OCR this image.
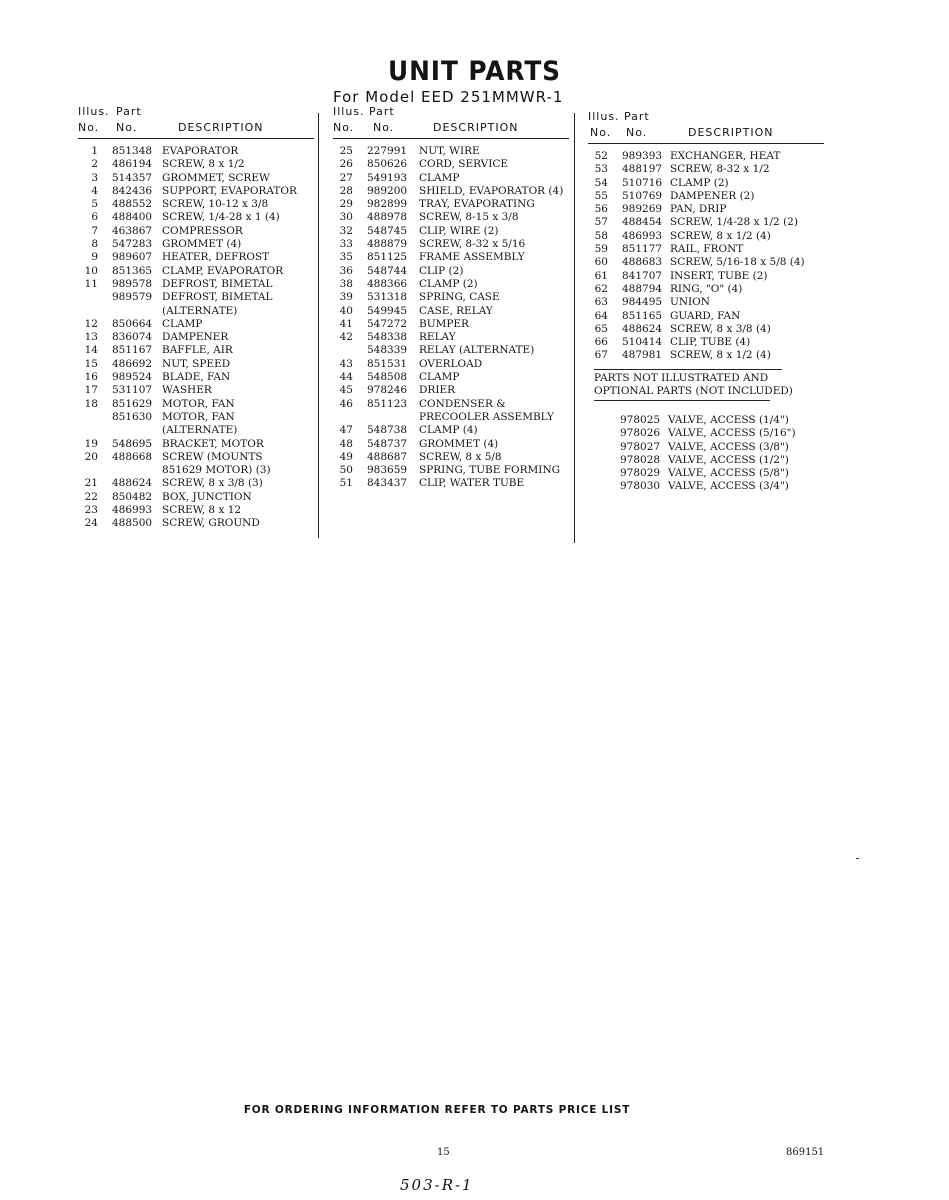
UNIT PARTS
For Model EED 251MMWR-1
Illus. Part
No. No.	DESCRIPTION
1 851348 EVAPORATOR
2 486194 SCREW, 8 x 1/2
3 514357 GROMMET, SCREW
4 842436 SUPPORT, EVAPORATOR
5 488552 SCREW, 10-12 x 3/8
6 488400 SCREW, 1/4-28 x 1 (4)
7 463867 COMPRESSOR
8 547283 GROMMET (4)
9 989607 HEATER, DEFROST
10 851365 CLAMP, EVAPORATOR
11 989578 DEFROST, BIMETAL
989579 DEFROST, BIMETAL
(ALTERNATE)
12 850664 CLAMP
13 836074 DAMPENER
14 851167 BAFFLE, AIR
15 486692 NUT, SPEED
16 989524 BLADE, FAN
17 531107 WASHER
18 851629 MOTOR, FAN
851630 MOTOR, FAN
(ALTERNATE)
19 548695 BRACKET, MOTOR
20 488668 SCREW (MOUNTS
851629 MOTOR) (3)
21 488624 SCREW, 8 x 3/8 (3)
22 850482 BOX, JUNCTION
23 486993 SCREW, 8 x 12
24 488500 SCREW, GROUND
Illus. Part
No. No.	DESCRIPTION
25 227991 NUT, WIRE
26 850626 CORD, SERVICE
27 549193 CLAMP
28 989200 SHIELD, EVAPORATOR (4)
29 982899 TRAY, EVAPORATING
30 488978 SCREW, 8-15 x 3/8
32 548745 CLIP, WIRE (2)
33 488879 SCREW, 8-32 x 5/16
35 851125 FRAME ASSEMBLY
36 548744 CLIP (2)
38 488366 CLAMP (2)
39 531318 SPRING, CASE
40 549945 CASE, RELAY
41 547272 BUMPER
42 548338 RELAY
548339 RELAY (ALTERNATE)
43 851531 OVERLOAD
44 548508 CLAMP
45 978246 DRIER
46 851123 CONDENSER &
PRECOOLER ASSEMBLY
47 548738 CLAMP (4)
48 548737 GROMMET (4)
49 488687 SCREW, 8 x 5/8
50 983659 SPRING, TUBE FORMING
51 843437 CLIP, WATER TUBE
Illus. Part
No. No.	DESCRIPTION
52 989393 EXCHANGER, HEAT
53 488197 SCREW, 8-32 x 1/2
54 510716 CLAMP (2)
55 510769 DAMPENER (2)
56 989269 PAN, DRIP
57 488454 SCREW, 1/4-28 x 1/2 (2)
58 486993 SCREW, 8 x 1/2 (4)
59 851177 RAIL, FRONT
60 488683 SCREW, 5/16-18 x 5/8 (4)
61 841707 INSERT, TUBE (2)
62 488794 RING, "O" (4)
63 984495 UNION
64 851165 GUARD, FAN
65 488624 SCREW, 8 x 3/8 (4)
66 510414 CLIP, TUBE (4)
67 487981 SCREW, 8 x 1/2 (4)
PARTS NOT ILLUSTRATED AND
OPTIONAL PARTS (NOT INCLUDED)
978025 VALVE, ACCESS (1/4")
978026 VALVE, ACCESS (5/16")
978027 VALVE, ACCESS (3/8")
978028 VALVE, ACCESS (1/2")
978029 VALVE, ACCESS (5/8")
978030 VALVE, ACCESS (3/4")
FOR ORDERING INFORMATION REFER TO PARTS PRICE LIST
15	869151
503-R-1
